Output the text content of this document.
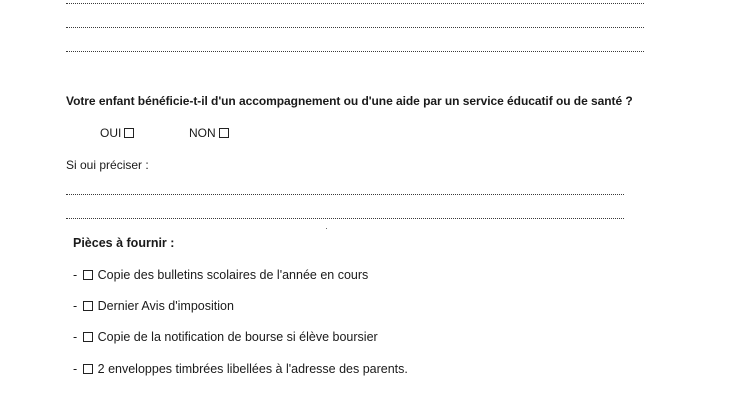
Votre enfant bénéficie-t-il d'un accompagnement ou d'une aide par un service éducatif ou de santé ?
OUI	NON
Si oui préciser :
Pièces à fournir :
- Copie des bulletins scolaires de l'année en cours
- Dernier Avis d'imposition
- Copie de la notification de bourse si élève boursier
- 2 enveloppes timbrées libellées à l'adresse des parents.
